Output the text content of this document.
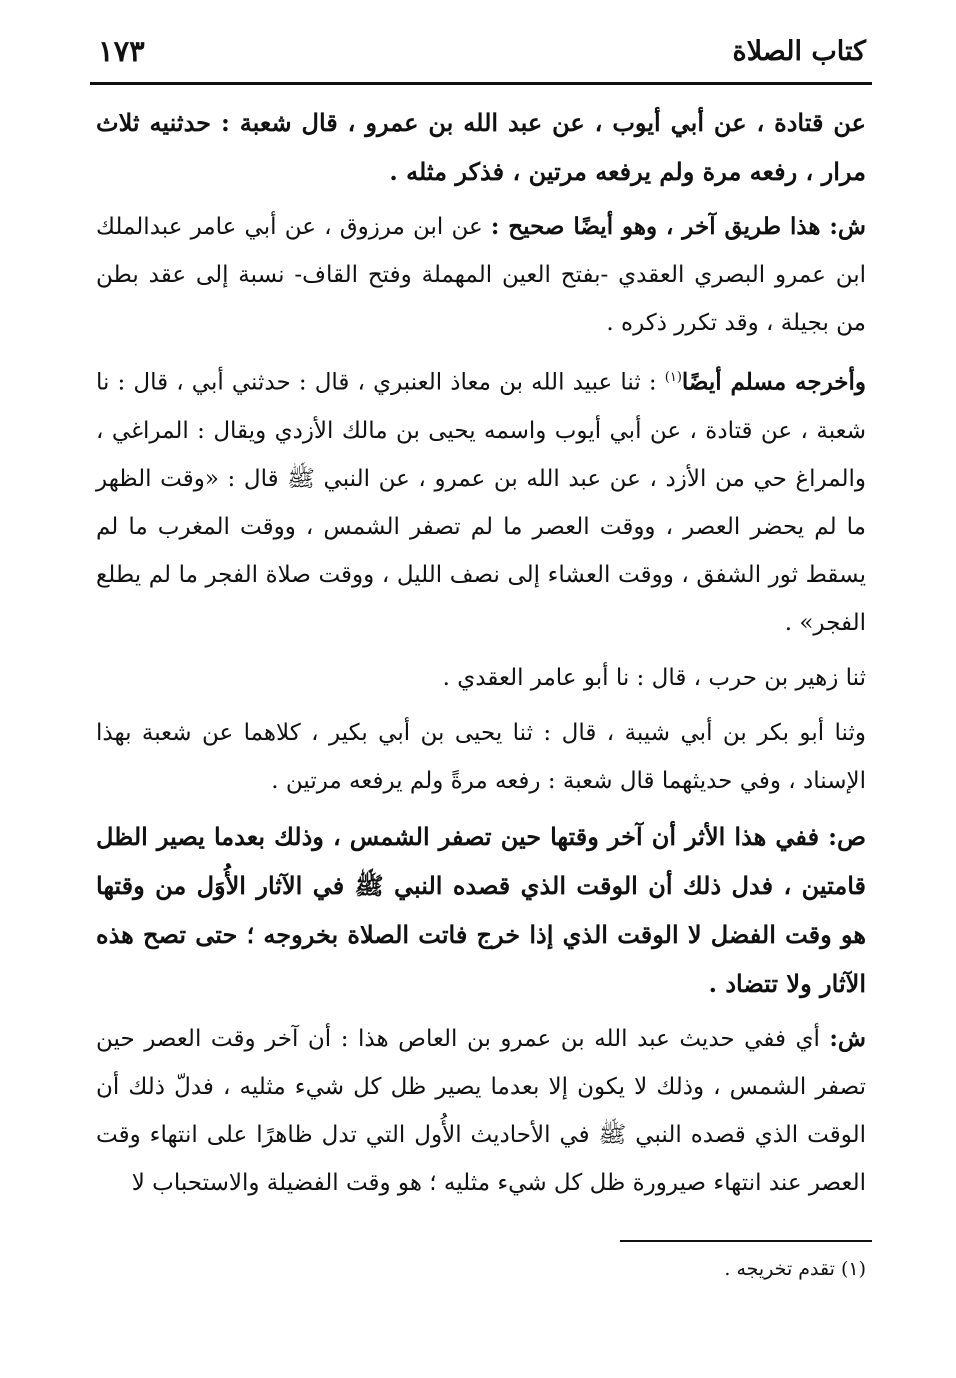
كتاب الصلاة
١٧٣

عن قتادة ، عن أبي أيوب ، عن عبد الله بن عمرو ، قال شعبة : حدثنيه ثلاث مرار ، رفعه مرة ولم يرفعه مرتين ، فذكر مثله .

ش: هذا طريق آخر ، وهو أيضًا صحيح : عن ابن مرزوق ، عن أبي عامر عبدالملك ابن عمرو البصري العقدي -بفتح العين المهملة وفتح القاف- نسبة إلى عقد بطن من بجيلة ، وقد تكرر ذكره .

وأخرجه مسلم أيضًا$^{(١)}$ : ثنا عبيد الله بن معاذ العنبري ، قال : حدثني أبي ، قال : نا شعبة ، عن قتادة ، عن أبي أيوب واسمه يحيى بن مالك الأزدي ويقال : المراغي ، والمراغ حي من الأزد ، عن عبد الله بن عمرو ، عن النبي ﷺ قال : «وقت الظهر ما لم يحضر العصر ، ووقت العصر ما لم تصفر الشمس ، ووقت المغرب ما لم يسقط ثور الشفق ، ووقت العشاء إلى نصف الليل ، ووقت صلاة الفجر ما لم يطلع الفجر» .

ثنا زهير بن حرب ، قال : نا أبو عامر العقدي .

وثنا أبو بكر بن أبي شيبة ، قال : ثنا يحيى بن أبي بكير ، كلاهما عن شعبة بهذا الإسناد ، وفي حديثهما قال شعبة : رفعه مرةً ولم يرفعه مرتين .

ص: ففي هذا الأثر أن آخر وقتها حين تصفر الشمس ، وذلك بعدما يصير الظل قامتين ، فدل ذلك أن الوقت الذي قصده النبي ﷺ في الآثار الأُوَل من وقتها هو وقت الفضل لا الوقت الذي إذا خرج فاتت الصلاة بخروجه ؛ حتى تصح هذه الآثار ولا تتضاد .

ش: أي ففي حديث عبد الله بن عمرو بن العاص هذا : أن آخر وقت العصر حين تصفر الشمس ، وذلك لا يكون إلا بعدما يصير ظل كل شيء مثليه ، فدلّ ذلك أن الوقت الذي قصده النبي ﷺ في الأحاديث الأُول التي تدل ظاهرًا على انتهاء وقت العصر عند انتهاء صيرورة ظل كل شيء مثليه ؛ هو وقت الفضيلة والاستحباب لا

(١) تقدم تخريجه .
